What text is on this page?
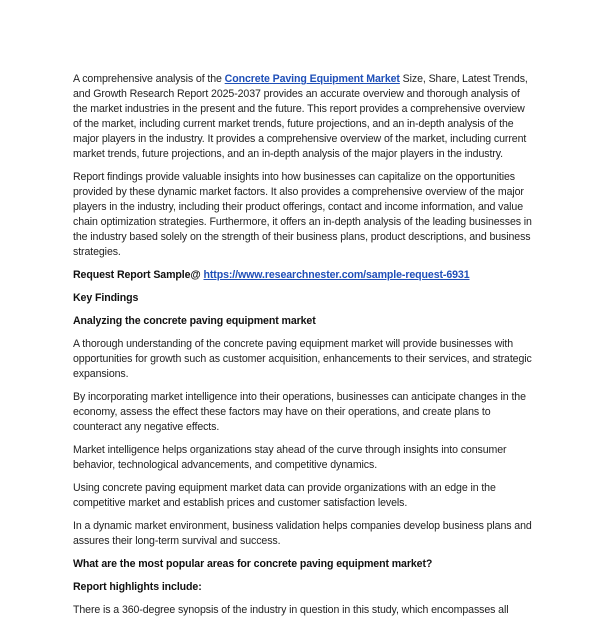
A comprehensive analysis of the Concrete Paving Equipment Market Size, Share, Latest Trends, and Growth Research Report 2025-2037 provides an accurate overview and thorough analysis of the market industries in the present and the future. This report provides a comprehensive overview of the market, including current market trends, future projections, and an in-depth analysis of the major players in the industry. It provides a comprehensive overview of the market, including current market trends, future projections, and an in-depth analysis of the major players in the industry.

Report findings provide valuable insights into how businesses can capitalize on the opportunities provided by these dynamic market factors. It also provides a comprehensive overview of the major players in the industry, including their product offerings, contact and income information, and value chain optimization strategies. Furthermore, it offers an in-depth analysis of the leading businesses in the industry based solely on the strength of their business plans, product descriptions, and business strategies.

Request Report Sample@ https://www.researchnester.com/sample-request-6931

Key Findings

Analyzing the concrete paving equipment market

A thorough understanding of the concrete paving equipment market will provide businesses with opportunities for growth such as customer acquisition, enhancements to their services, and strategic expansions.

By incorporating market intelligence into their operations, businesses can anticipate changes in the economy, assess the effect these factors may have on their operations, and create plans to counteract any negative effects.

Market intelligence helps organizations stay ahead of the curve through insights into consumer behavior, technological advancements, and competitive dynamics.

Using concrete paving equipment market data can provide organizations with an edge in the competitive market and establish prices and customer satisfaction levels.

In a dynamic market environment, business validation helps companies develop business plans and assures their long-term survival and success.

What are the most popular areas for concrete paving equipment market?

Report highlights include:

There is a 360-degree synopsis of the industry in question in this study, which encompasses all
